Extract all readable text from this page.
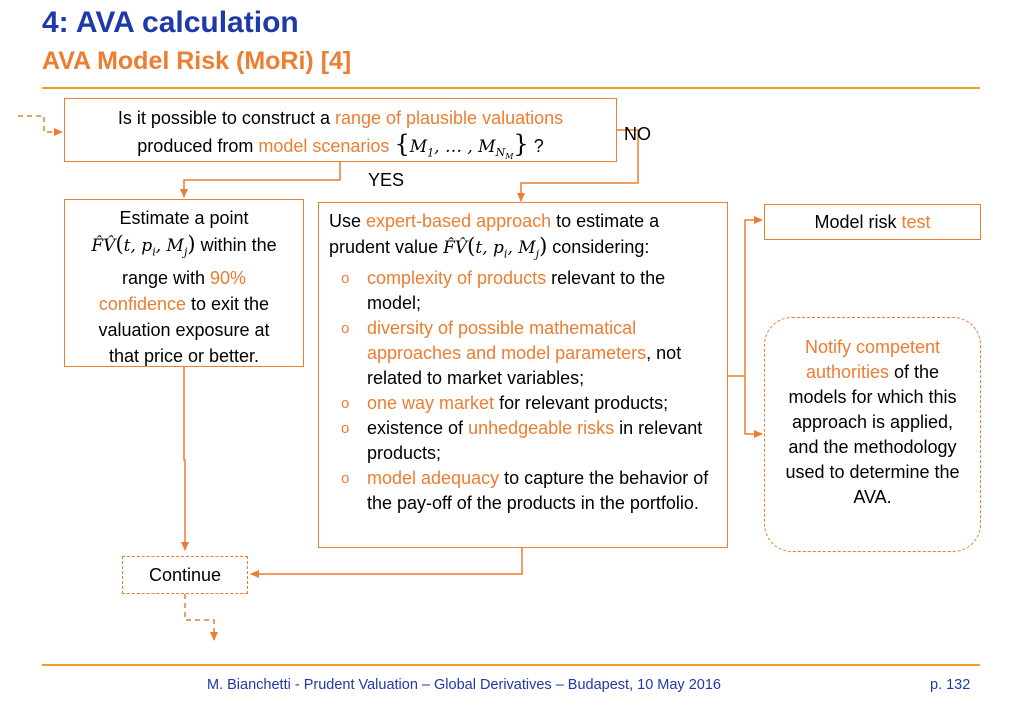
4: AVA calculation
AVA Model Risk (MoRi) [4]
Is it possible to construct a range of plausible valuations
produced from model scenarios {$M_1$, … , $M_{N_M}$} ?
NO
YES
Estimate a point
F̂V̂(t, $p_i$, $M_j$) within the
range with 90%
confidence to exit the
valuation exposure at
that price or better.
Use expert-based approach to estimate a
prudent value F̂V̂(t, $p_i$, $M_j$) considering:
o complexity of products relevant to the model;
o diversity of possible mathematical approaches and model parameters, not related to market variables;
o one way market for relevant products;
o existence of unhedgeable risks in relevant products;
o model adequacy to capture the behavior of the pay-off of the products in the portfolio.
Model risk test
Notify competent authorities of the models for which this approach is applied, and the methodology used to determine the AVA.
Continue
M. Bianchetti - Prudent Valuation – Global Derivatives – Budapest, 10 May 2016	p. 132
